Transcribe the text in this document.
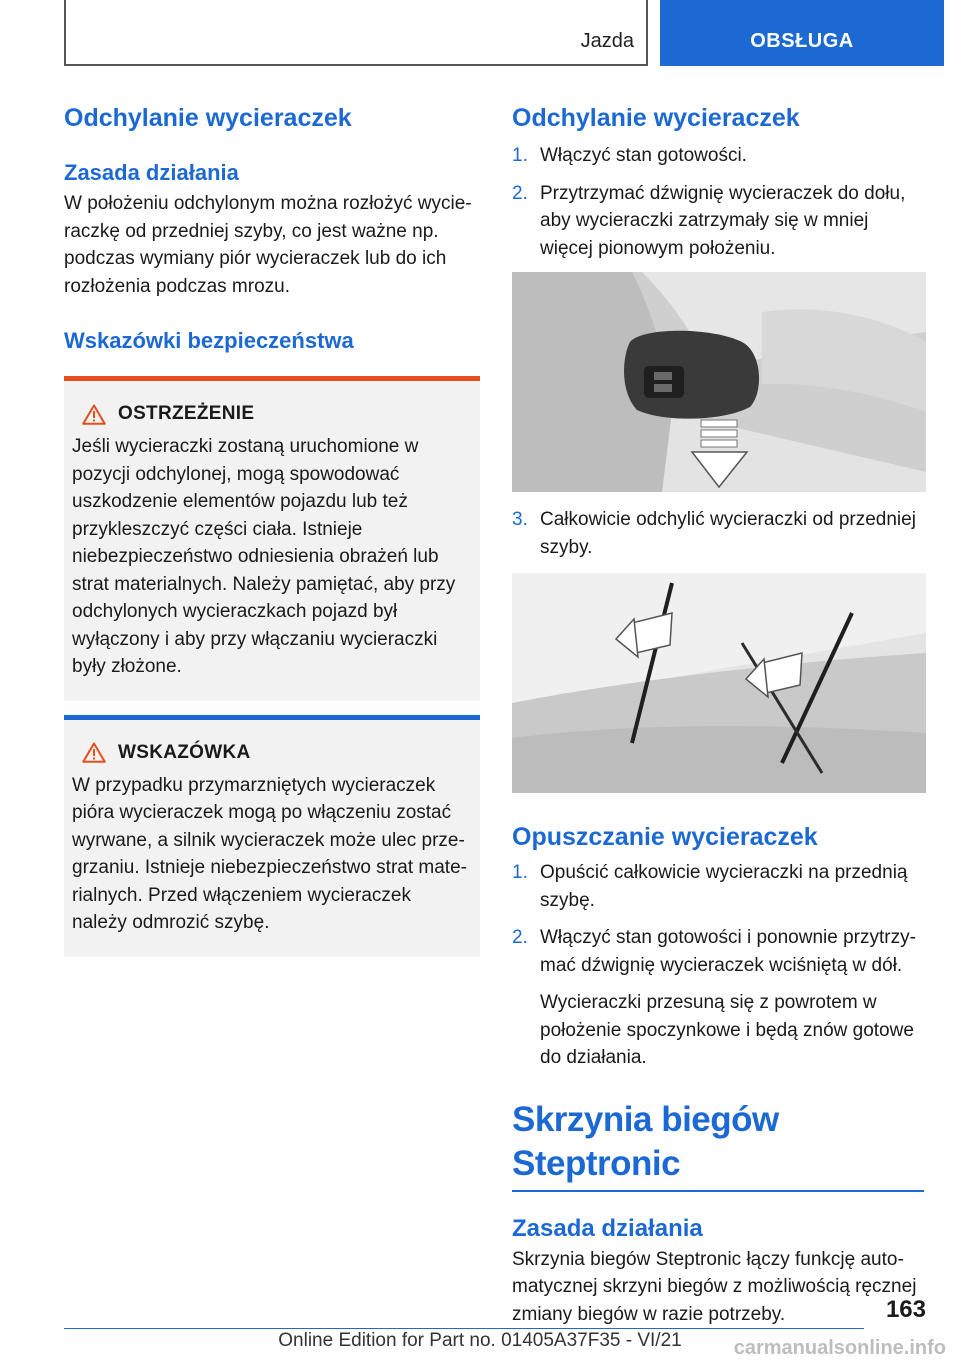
Jazda	OBSŁUGA
Odchylanie wycieraczek
Zasada działania

W położeniu odchylonym można rozłożyć wycieraczkę od przedniej szyby, co jest ważne np. podczas wymiany piór wycieraczek lub do ich rozłożenia podczas mrozu.

Wskazówki bezpieczeństwa
OSTRZEŻENIE

Jeśli wycieraczki zostaną uruchomione w pozycji odchylonej, mogą spowodować uszkodzenie elementów pojazdu lub też przykleszczyć części ciała. Istnieje niebezpieczeństwo odniesienia obrażeń lub strat materialnych. Należy pamiętać, aby przy odchylonych wycieraczkach pojazd był wyłączony i aby przy włączaniu wycieraczki były złożone.

WSKAZÓWKA

W przypadku przymarzniętych wycieraczek pióra wycieraczek mogą po włączeniu zostać wyrwane, a silnik wycieraczek może ulec przegrzaniu. Istnieje niebezpieczeństwo strat materialnych. Przed włączeniem wycieraczek należy odmrozić szybę.

Odchylanie wycieraczek
1. Włączyć stan gotowości.
2. Przytrzymać dźwignię wycieraczek do dołu, aby wycieraczki zatrzymały się w mniej więcej pionowym położeniu.
3. Całkowicie odchylić wycieraczki od przedniej szyby.
Opuszczanie wycieraczek
1. Opuścić całkowicie wycieraczki na przednią szybę.
2. Włączyć stan gotowości i ponownie przytrzymać dźwignię wycieraczek wciśniętą w dół.

Wycieraczki przesuną się z powrotem w położenie spoczynkowe i będą znów gotowe do działania.

Skrzynia biegów Steptronic
Zasada działania

Skrzynia biegów Steptronic łączy funkcję automatycznej skrzyni biegów z możliwością ręcznej zmiany biegów w razie potrzeby.	163
Online Edition for Part no. 01405A37F35 - VI/21	carmanualsonline.info
